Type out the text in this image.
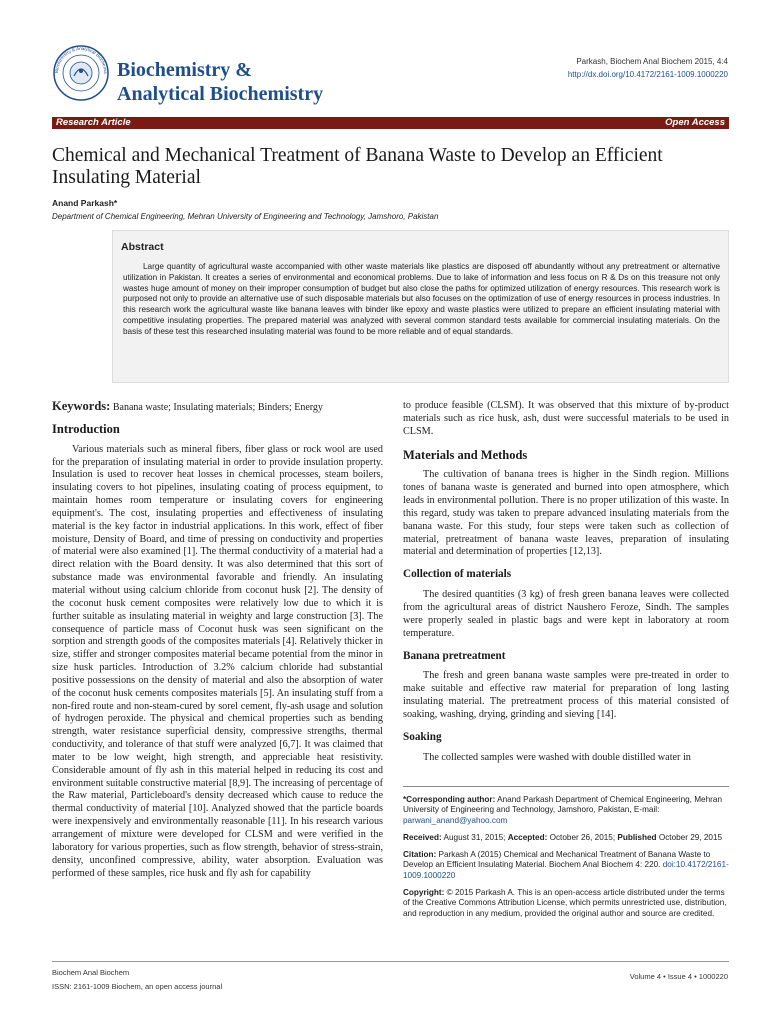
Biochemistry & Analytical Biochemis Biochemistry &
Analytical Biochemistry
Parkash, Biochem Anal Biochem 2015, 4:4
http://dx.doi.org/10.4172/2161-1009.1000220
Research Article	Open Access
Chemical and Mechanical Treatment of Banana Waste to Develop an Efficient Insulating Material
Anand Parkash*
Department of Chemical Engineering, Mehran University of Engineering and Technology, Jamshoro, Pakistan
Abstract
Large quantity of agricultural waste accompanied with other waste materials like plastics are disposed off abundantly without any pretreatment or alternative utilization in Pakistan. It creates a series of environmental and economical problems. Due to lake of information and less focus on R & Ds on this treasure not only wastes huge amount of money on their improper consumption of budget but also close the paths for optimized utilization of energy resources. This research work is purposed not only to provide an alternative use of such disposable materials but also focuses on the optimization of use of energy resources in process industries. In this research work the agricultural waste like banana leaves with binder like epoxy and waste plastics were utilized to prepare an efficient insulating material with competitive insulating properties. The prepared material was analyzed with several common standard tests available for commercial insulating materials. On the basis of these test this researched insulating material was found to be more reliable and of equal standards.
Keywords: Banana waste; Insulating materials; Binders; Energy
Introduction

Various materials such as mineral fibers, fiber glass or rock wool are used for the preparation of insulating material in order to provide insulation property. Insulation is used to recover heat losses in chemical processes, steam boilers, insulating covers to hot pipelines, insulating coating of process equipment, to maintain homes room temperature or insulating covers for engineering equipment's. The cost, insulating properties and effectiveness of insulating material is the key factor in industrial applications. In this work, effect of fiber moisture, Density of Board, and time of pressing on conductivity and properties of material were also examined [1]. The thermal conductivity of a material had a direct relation with the Board density. It was also determined that this sort of substance made was environmental favorable and friendly. An insulating material without using calcium chloride from coconut husk [2]. The density of the coconut husk cement composites were relatively low due to which it is further suitable as insulating material in weighty and large construction [3]. The consequence of particle mass of Coconut husk was seen significant on the sorption and strength goods of the composites materials [4]. Relatively thicker in size, stiffer and stronger composites material became potential from the minor in size husk particles. Introduction of 3.2% calcium chloride had substantial positive possessions on the density of material and also the absorption of water of the coconut husk cements composites materials [5]. An insulating stuff from a non-fired route and non-steam-cured by sorel cement, fly-ash usage and solution of hydrogen peroxide. The physical and chemical properties such as bending strength, water resistance superficial density, compressive strengths, thermal conductivity, and tolerance of that stuff were analyzed [6,7]. It was claimed that mater to be low weight, high strength, and appreciable heat resistivity. Considerable amount of fly ash in this material helped in reducing its cost and environment suitable constructive material [8,9]. The increasing of percentage of the Raw material, Particleboard's density decreased which cause to reduce the thermal conductivity of material [10]. Analyzed showed that the particle boards were inexpensively and environmentally reasonable [11]. In his research various arrangement of mixture were developed for CLSM and were verified in the laboratory for various properties, such as flow strength, behavior of stress-strain, density, unconfined compressive, ability, water absorption. Evaluation was performed of these samples, rice husk and fly ash for capability

to produce feasible (CLSM). It was observed that this mixture of by-product materials such as rice husk, ash, dust were successful materials to be used in CLSM.

Materials and Methods

The cultivation of banana trees is higher in the Sindh region. Millions tones of banana waste is generated and burned into open atmosphere, which leads in environmental pollution. There is no proper utilization of this waste. In this regard, study was taken to prepare advanced insulating materials from the banana waste. For this study, four steps were taken such as collection of material, pretreatment of banana waste leaves, preparation of insulating material and determination of properties [12,13].

Collection of materials

The desired quantities (3 kg) of fresh green banana leaves were collected from the agricultural areas of district Naushero Feroze, Sindh. The samples were properly sealed in plastic bags and were kept in laboratory at room temperature.

Banana pretreatment

The fresh and green banana waste samples were pre-treated in order to make suitable and effective raw material for preparation of long lasting insulating material. The pretreatment process of this material consisted of soaking, washing, drying, grinding and sieving [14].

Soaking

The collected samples were washed with double distilled water in

*Corresponding author: Anand Parkash Department of Chemical Engineering, Mehran University of Engineering and Technology, Jamshoro, Pakistan, E-mail: parwani_anand@yahoo.com

Received: August 31, 2015; Accepted: October 26, 2015; Published October 29, 2015

Citation: Parkash A (2015) Chemical and Mechanical Treatment of Banana Waste to Develop an Efficient Insulating Material. Biochem Anal Biochem 4: 220. doi:10.4172/2161-1009.1000220

Copyright: © 2015 Parkash A. This is an open-access article distributed under the terms of the Creative Commons Attribution License, which permits unrestricted use, distribution, and reproduction in any medium, provided the original author and source are credited.

Biochem Anal Biochem
ISSN: 2161-1009 Biochem, an open access journal
Volume 4 • Issue 4 • 1000220
